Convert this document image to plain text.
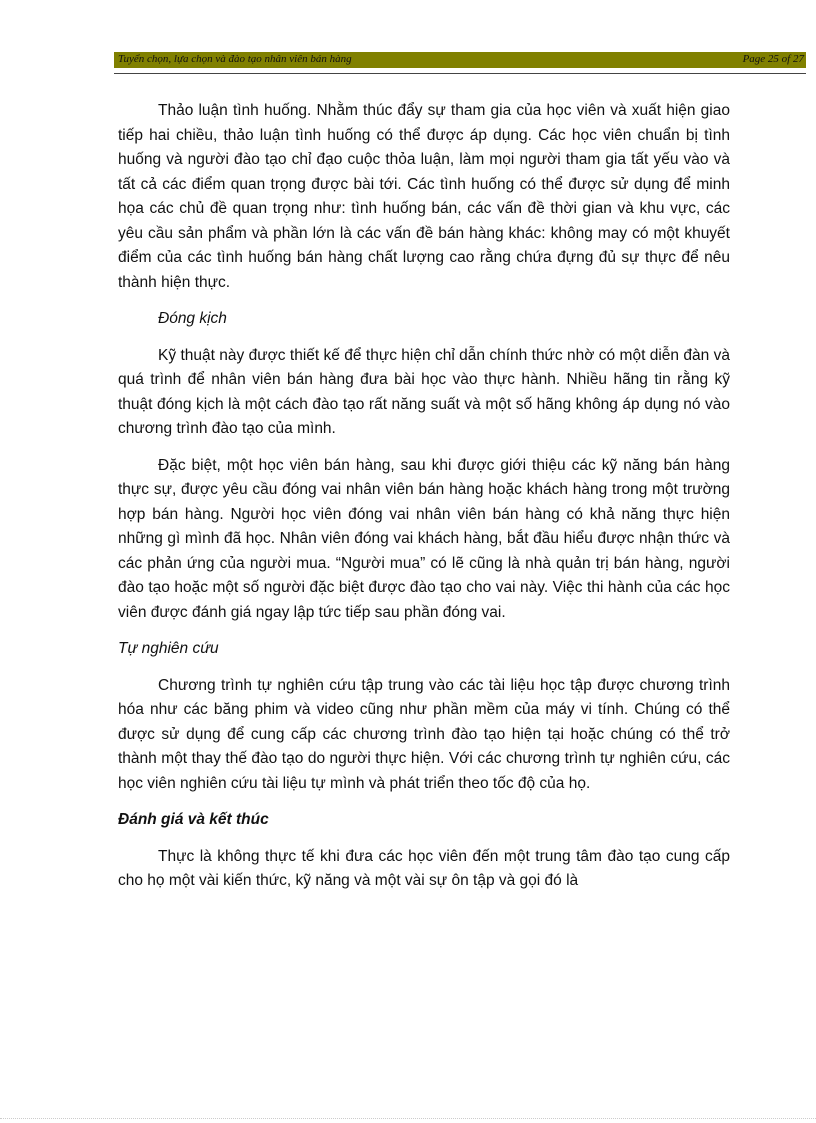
Tuyển chọn, lựa chọn và đào tạo nhân viên bán hàng	Page 25 of 27

Thảo luận tình huống. Nhằm thúc đẩy sự tham gia của học viên và xuất hiện giao tiếp hai chiều, thảo luận tình huống có thể được áp dụng. Các học viên chuẩn bị tình huống và người đào tạo chỉ đạo cuộc thỏa luận, làm mọi người tham gia tất yếu vào và tất cả các điểm quan trọng được bài tới. Các tình huống có thể được sử dụng để minh họa các chủ đề quan trọng như: tình huống bán, các vấn đề thời gian và khu vực, các yêu cầu sản phẩm và phần lớn là các vấn đề bán hàng khác: không may có một khuyết điểm của các tình huống bán hàng chất lượng cao rằng chứa đựng đủ sự thực để nêu thành hiện thực.

Đóng kịch

Kỹ thuật này được thiết kế để thực hiện chỉ dẫn chính thức nhờ có một diễn đàn và quá trình để nhân viên bán hàng đưa bài học vào thực hành. Nhiều hãng tin rằng kỹ thuật đóng kịch là một cách đào tạo rất năng suất và một số hãng không áp dụng nó vào chương trình đào tạo của mình.

Đặc biệt, một học viên bán hàng, sau khi được giới thiệu các kỹ năng bán hàng thực sự, được yêu cầu đóng vai nhân viên bán hàng hoặc khách hàng trong một trường hợp bán hàng. Người học viên đóng vai nhân viên bán hàng có khả năng thực hiện những gì mình đã học. Nhân viên đóng vai khách hàng, bắt đầu hiểu được nhận thức và các phản ứng của người mua. “Người mua” có lẽ cũng là nhà quản trị bán hàng, người đào tạo hoặc một số người đặc biệt được đào tạo cho vai này. Việc thi hành của các học viên được đánh giá ngay lập tức tiếp sau phần đóng vai.

Tự nghiên cứu

Chương trình tự nghiên cứu tập trung vào các tài liệu học tập được chương trình hóa như các băng phim và video cũng như phần mềm của máy vi tính. Chúng có thể được sử dụng để cung cấp các chương trình đào tạo hiện tại hoặc chúng có thể trở thành một thay thế đào tạo do người thực hiện. Với các chương trình tự nghiên cứu, các học viên nghiên cứu tài liệu tự mình và phát triển theo tốc độ của họ.

Đánh giá và kết thúc

Thực là không thực tế khi đưa các học viên đến một trung tâm đào tạo cung cấp cho họ một vài kiến thức, kỹ năng và một vài sự ôn tập và gọi đó là
